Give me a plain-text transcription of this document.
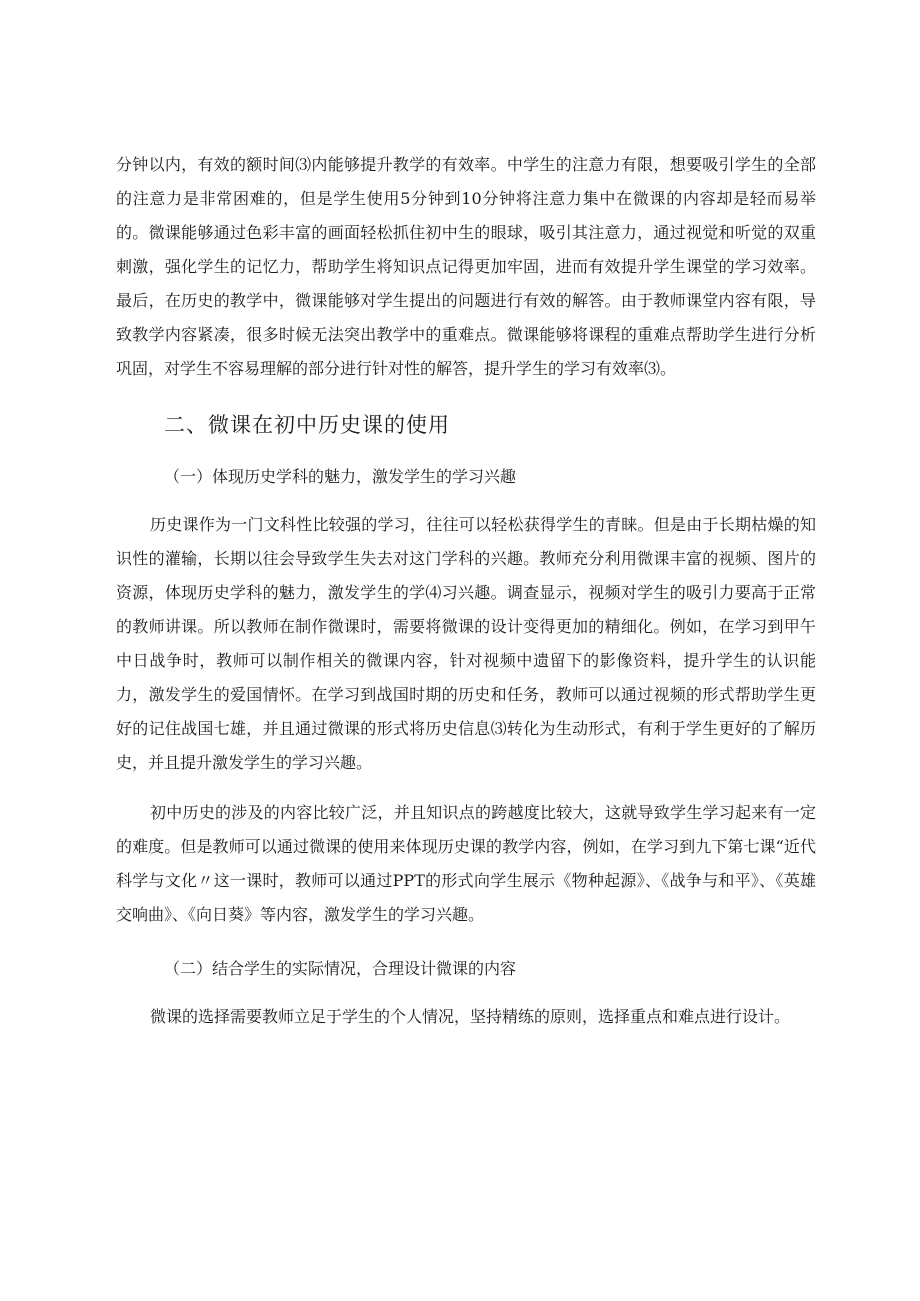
分钟以内，有效的额时间⑶内能够提升教学的有效率。中学生的注意力有限，想要吸引学生的全部的注意力是非常困难的，但是学生使用5分钟到10分钟将注意力集中在微课的内容却是轻而易举的。微课能够通过色彩丰富的画面轻松抓住初中生的眼球，吸引其注意力，通过视觉和听觉的双重刺激，强化学生的记忆力，帮助学生将知识点记得更加牢固，进而有效提升学生课堂的学习效率。最后，在历史的教学中，微课能够对学生提出的问题进行有效的解答。由于教师课堂内容有限，导致教学内容紧凑，很多时候无法突出教学中的重难点。微课能够将课程的重难点帮助学生进行分析巩固，对学生不容易理解的部分进行针对性的解答，提升学生的学习有效率⑶。

二、微课在初中历史课的使用
（一）体现历史学科的魅力，激发学生的学习兴趣

历史课作为一门文科性比较强的学习，往往可以轻松获得学生的青睐。但是由于长期枯燥的知识性的灌输，长期以往会导致学生失去对这门学科的兴趣。教师充分利用微课丰富的视频、图片的资源，体现历史学科的魅力，激发学生的学⑷习兴趣。调查显示，视频对学生的吸引力要高于正常的教师讲课。所以教师在制作微课时，需要将微课的设计变得更加的精细化。例如，在学习到甲午中日战争时，教师可以制作相关的微课内容，针对视频中遗留下的影像资料，提升学生的认识能力，激发学生的爱国情怀。在学习到战国时期的历史和任务，教师可以通过视频的形式帮助学生更好的记住战国七雄，并且通过微课的形式将历史信息⑶转化为生动形式，有利于学生更好的了解历史，并且提升激发学生的学习兴趣。

初中历史的涉及的内容比较广泛，并且知识点的跨越度比较大，这就导致学生学习起来有一定的难度。但是教师可以通过微课的使用来体现历史课的教学内容，例如，在学习到九下第七课“近代科学与文化〃这一课时，教师可以通过PPT的形式向学生展示《物种起源》、《战争与和平》、《英雄交响曲》、《向日葵》等内容，激发学生的学习兴趣。

（二）结合学生的实际情况，合理设计微课的内容

微课的选择需要教师立足于学生的个人情况，坚持精练的原则，选择重点和难点进行设计。
